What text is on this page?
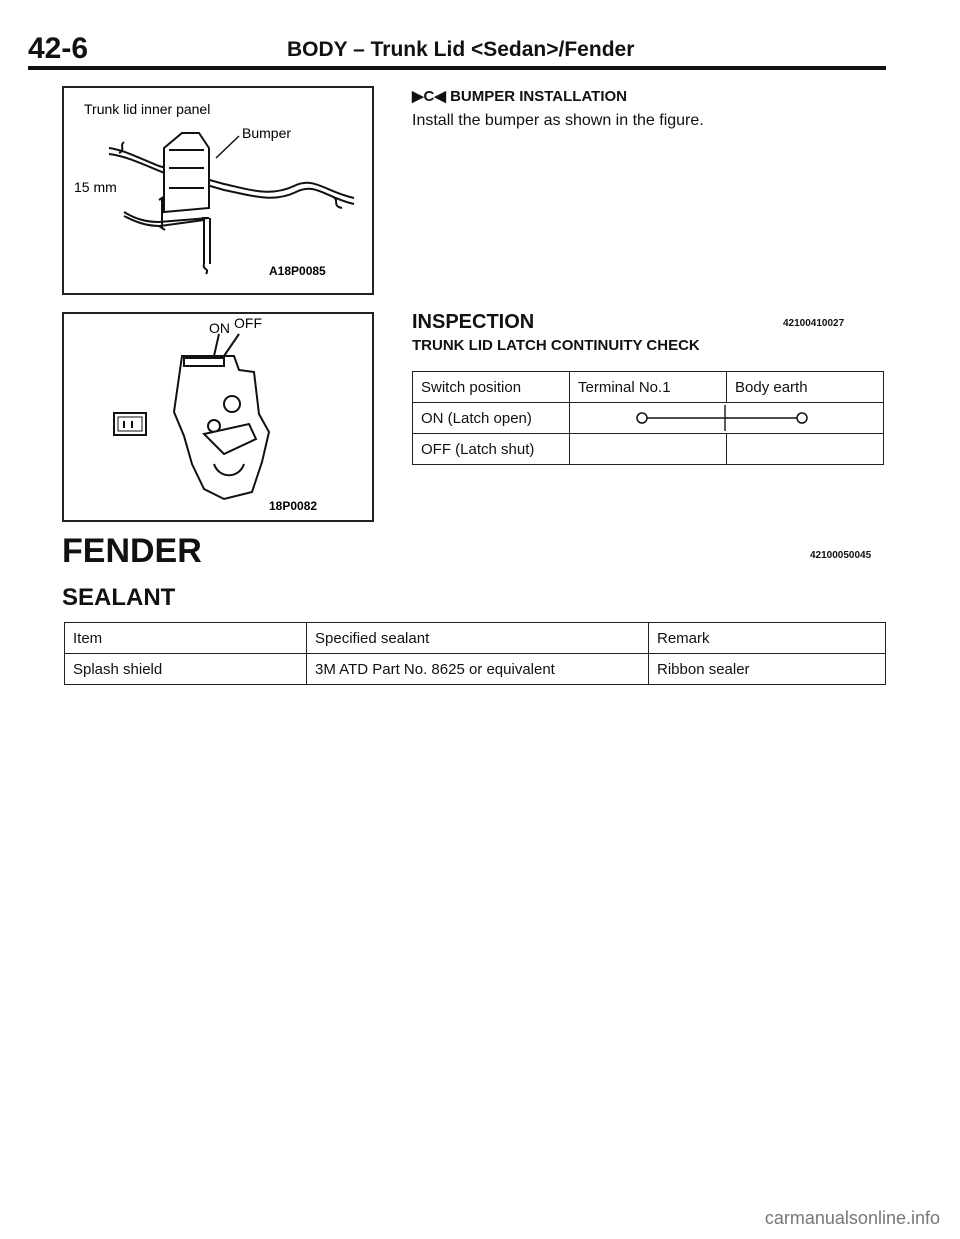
42-6	BODY – Trunk Lid <Sedan>/Fender
Trunk lid inner panel
Bumper
15 mm
A18P0085
ON OFF
18P0082
▶C◀ BUMPER INSTALLATION
Install the bumper as shown in the figure.
INSPECTION	42100410027
TRUNK LID LATCH CONTINUITY CHECK
Switch position	Terminal No.1	Body earth
ON (Latch open)	

OFF (Latch shut)		
FENDER	42100050045
SEALANT
Item	Specified sealant	Remark
Splash shield	3M ATD Part No. 8625 or equivalent	Ribbon sealer
carmanualsonline.info
